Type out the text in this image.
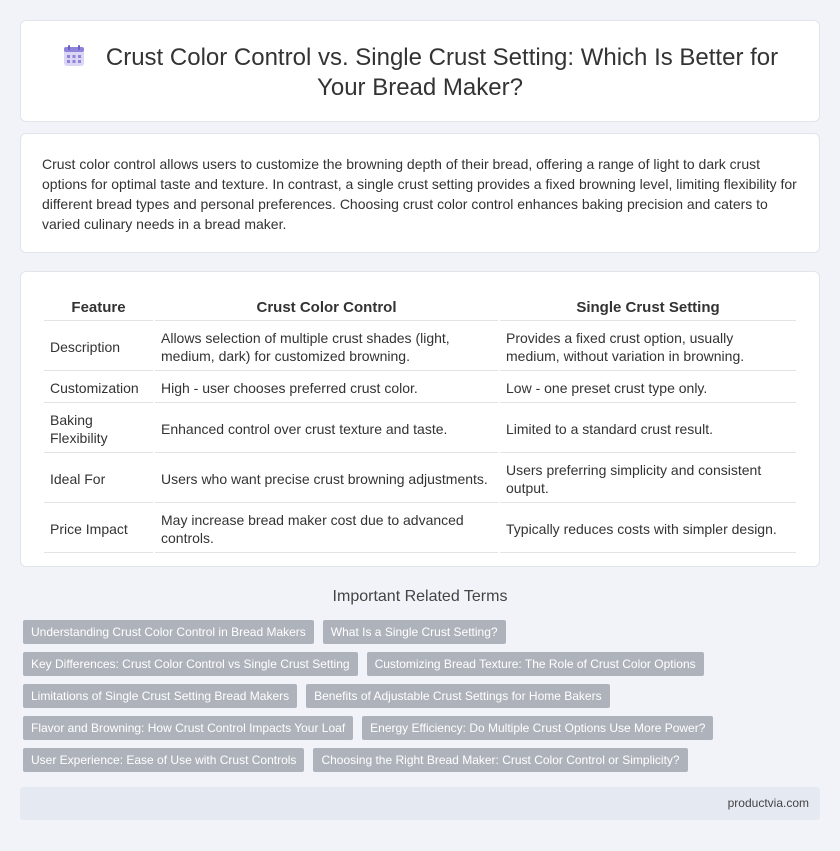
Crust Color Control vs. Single Crust Setting: Which Is Better for Your Bread Maker?

Crust color control allows users to customize the browning depth of their bread, offering a range of light to dark crust options for optimal taste and texture. In contrast, a single crust setting provides a fixed browning level, limiting flexibility for different bread types and personal preferences. Choosing crust color control enhances baking precision and caters to varied culinary needs in a bread maker.

Feature	Crust Color Control	Single Crust Setting
Description	Allows selection of multiple crust shades (light, medium, dark) for customized browning.	Provides a fixed crust option, usually medium, without variation in browning.
Customization	High - user chooses preferred crust color.	Low - one preset crust type only.
Baking Flexibility	Enhanced control over crust texture and taste.	Limited to a standard crust result.
Ideal For	Users who want precise crust browning adjustments.	Users preferring simplicity and consistent output.
Price Impact	May increase bread maker cost due to advanced controls.	Typically reduces costs with simpler design.
Important Related Terms
Understanding Crust Color Control in Bread Makers	What Is a Single Crust Setting?
Key Differences: Crust Color Control vs Single Crust Setting	Customizing Bread Texture: The Role of Crust Color Options
Limitations of Single Crust Setting Bread Makers	Benefits of Adjustable Crust Settings for Home Bakers
Flavor and Browning: How Crust Control Impacts Your Loaf	Energy Efficiency: Do Multiple Crust Options Use More Power?
User Experience: Ease of Use with Crust Controls	Choosing the Right Bread Maker: Crust Color Control or Simplicity?
productvia.com
